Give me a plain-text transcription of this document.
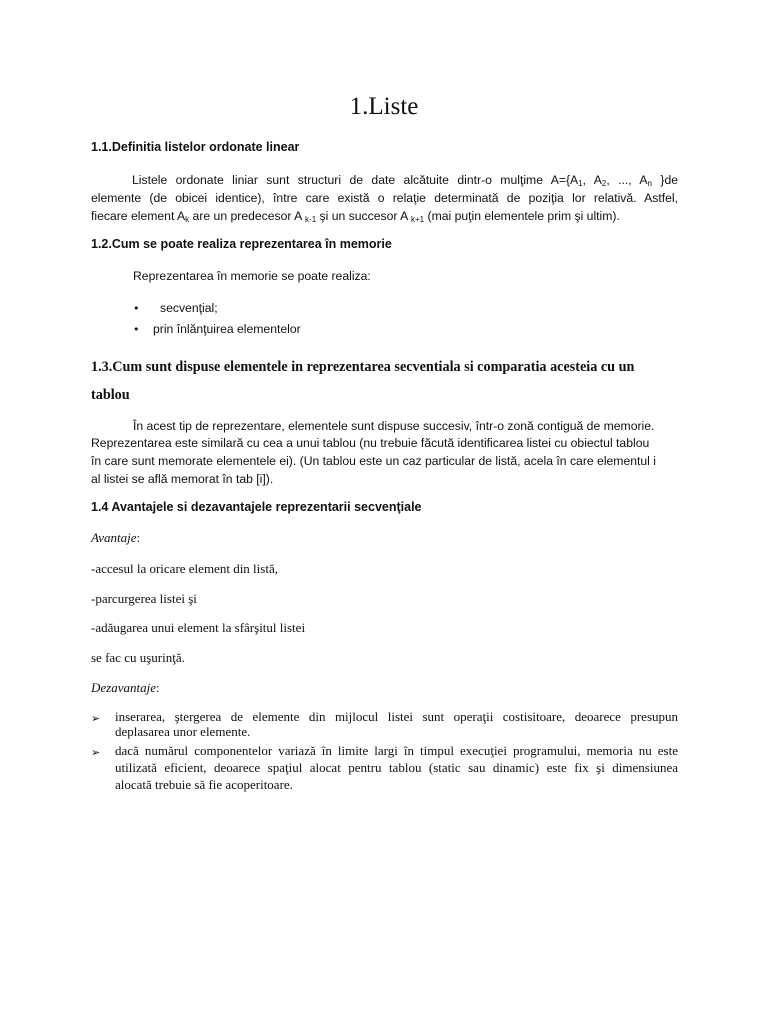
1.Liste
1.1.Definitia listelor ordonate linear
Listele ordonate liniar sunt structuri de date alcătuite dintr-o mulţime $A=\{A_1$, $A_2$, ..., $A_n$ }de
elemente (de obicei identice), între care există o relaţie determinată de poziţia lor relativă. Astfel,
fiecare element $A_k$ are un predecesor A $_{k-1}$ şi un succesor A $_{k+1}$ (mai puţin elementele prim şi ultim).
1.2.Cum se poate realiza reprezentarea în memorie
Reprezentarea în memorie se poate realiza:
• secvenţial;
• prin înlănţuirea elementelor
1.3.Cum sunt dispuse elementele in reprezentarea secventiala si comparatia acesteia cu un
tablou
În acest tip de reprezentare, elementele sunt dispuse succesiv, într-o zonă contiguă de memorie.
Reprezentarea este similară cu cea a unui tablou (nu trebuie făcută identificarea listei cu obiectul tablou
în care sunt memorate elementele ei). (Un tablou este un caz particular de listă, acela în care elementul i
al listei se află memorat în tab [i]).
1.4 Avantajele si dezavantajele reprezentarii secvenţiale
Avantaje:
-accesul la oricare element din listă,
-parcurgerea listei şi
-adăugarea unui element la sfârşitul listei
se fac cu uşurinţă.
Dezavantaje:
➢ inserarea, ştergerea de elemente din mijlocul listei sunt operaţii costisitoare, deoarece presupun
deplasarea unor elemente.
➢ dacă numărul componentelor variază în limite largi în timpul execuţiei programului, memoria nu este
utilizată eficient, deoarece spaţiul alocat pentru tablou (static sau dinamic) este fix şi dimensiunea
alocată trebuie să fie acoperitoare.
